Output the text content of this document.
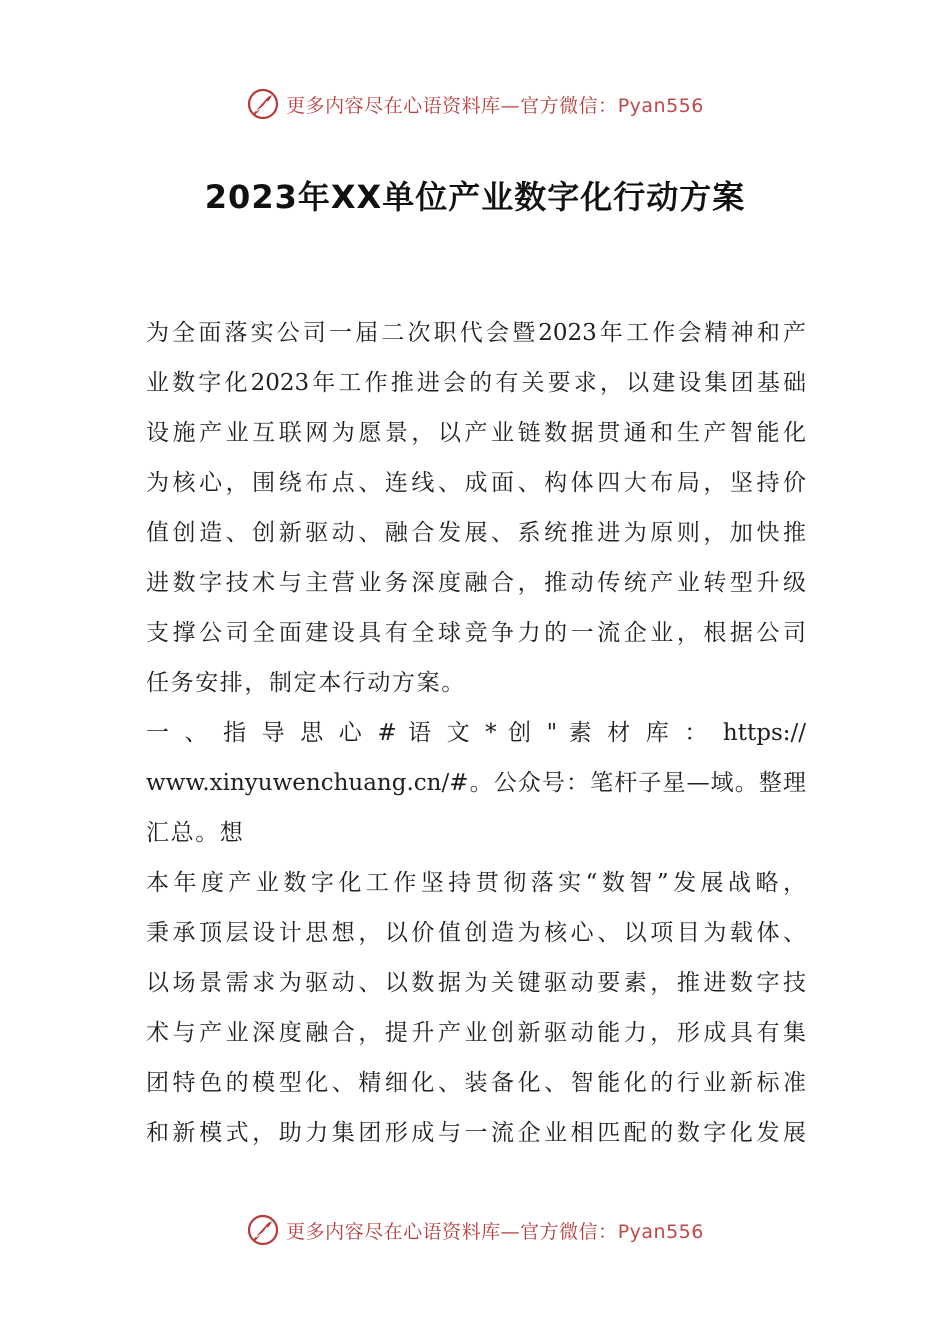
更多内容尽在心语资料库—官方微信：Pyan556
2023年XX单位产业数字化行动方案
为全面落实公司一届二次职代会暨2023年工作会精神和产
业数字化2023年工作推进会的有关要求，以建设集团基础
设施产业互联网为愿景，以产业链数据贯通和生产智能化
为核心，围绕布点、连线、成面、构体四大布局，坚持价
值创造、创新驱动、融合发展、系统推进为原则，加快推
进数字技术与主营业务深度融合，推动传统产业转型升级
支撑公司全面建设具有全球竞争力的一流企业，根据公司
任务安排，制定本行动方案。
一 、 指 导 思 心 # 语 文 * 创 " 素 材 库 ： https://
www.xinyuwenchuang.cn/#。公众号：笔杆子星—域。整理
汇总。想
本年度产业数字化工作坚持贯彻落实“数智”发展战略，
秉承顶层设计思想，以价值创造为核心、以项目为载体、
以场景需求为驱动、以数据为关键驱动要素，推进数字技
术与产业深度融合，提升产业创新驱动能力，形成具有集
团特色的模型化、精细化、装备化、智能化的行业新标准
和新模式，助力集团形成与一流企业相匹配的数字化发展
更多内容尽在心语资料库—官方微信：Pyan556
